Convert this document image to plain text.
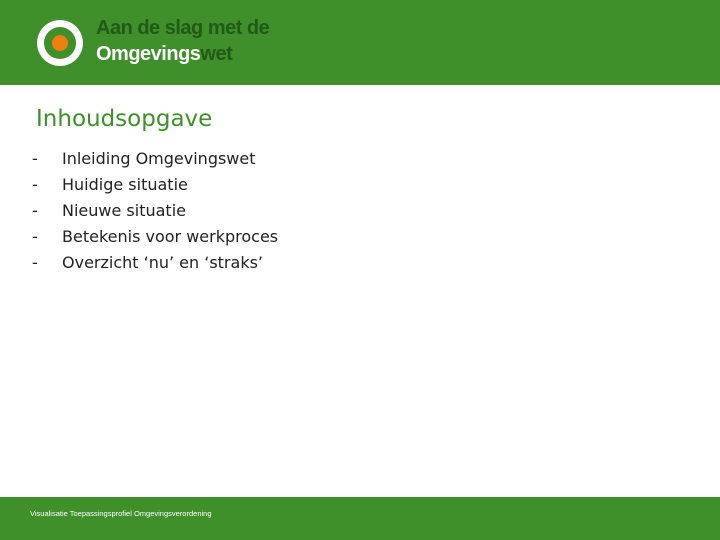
Aan de slag met de
Omgevingswet
Inhoudsopgave
-	Inleiding Omgevingswet
-	Huidige situatie
-	Nieuwe situatie
-	Betekenis voor werkproces
-	Overzicht ‘nu’ en ‘straks’
Visualisatie Toepassingsprofiel Omgevingsverordening
